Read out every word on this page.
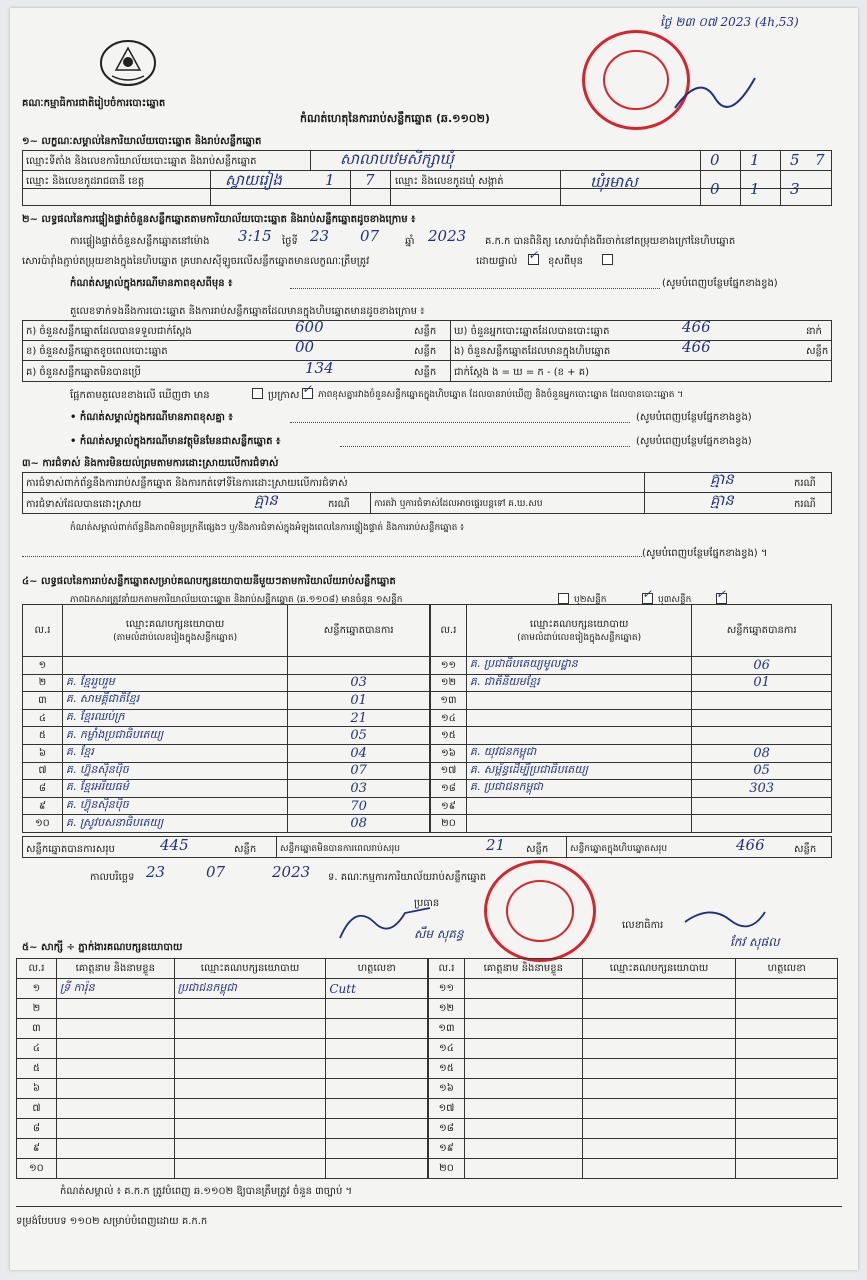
ថ្ងៃ ២៣ ០៧ 2023 (4h,53)
គណៈកម្មាធិការជាតិរៀបចំការបោះឆ្នោត
កំណត់ហេតុនៃការរាប់សន្លឹកឆ្នោត (ឆ.១១០២)
១~ លក្ខណៈសម្គាល់នៃការិយាល័យបោះឆ្នោត និងរាប់សន្លឹកឆ្នោត
ឈ្មោះទីតាំង និងលេខការិយាល័យបោះឆ្នោត និងរាប់សន្លឹកឆ្នោត	សាលាបឋមសិក្សាឃុំ	0 1 5 7
ឈ្មោះ និងលេខកូដរាជធានី ខេត្ត	ស្វាយរៀង	1 7 ឈ្មោះ និងលេខកូដឃុំ សង្កាត់	ឃុំរមាស	0 1 3
២~ លទ្ធផលនៃការផ្ទៀងផ្ទាត់ចំនួនសន្លឹកឆ្នោតតាមការិយាល័យបោះឆ្នោត និងរាប់សន្លឹកឆ្នោតដូចខាងក្រោម ៖
ការផ្ទៀងផ្ទាត់ចំនួនសន្លឹកឆ្នោតនៅម៉ោង 3:15 ថ្ងៃទី 23 07	ឆ្នាំ 2023 គ.ក.ក បានពិនិត្យ សោរប៉ារ៉ាំងពីរចាក់នៅតម្រុយខាងក្រៅនៃហិបឆ្នោត
សោរប៉ារ៉ាំងភ្ជាប់តម្រុយខាងក្នុងនៃហិបឆ្នោត គ្របរាសស៊ីឡូចរលើសន្លឹកឆ្នោតមានលក្ខណៈត្រឹមត្រូវ	ដោយផ្ទាល់ ✓ ខុសពីមុន
កំណត់សម្គាល់ក្នុងករណីមានភាពខុសពីមុន ៖	(សូមបំពេញបន្ថែមផ្នែកខាងខ្វង)
តួលេខទាក់ទងនឹងការបោះឆ្នោត និងការរាប់សន្លឹកឆ្នោតដែលមានក្នុងហិបឆ្នោតមានដូចខាងក្រោម ៖
ក) ចំនួនសន្លឹកឆ្នោតដែលបានទទួលជាក់ស្តែង	600	សន្លឹក ឃ) ចំនួនអ្នកបោះឆ្នោតដែលបានបោះឆ្នោត	466	នាក់
ខ) ចំនួនសន្លឹកឆ្នោតខូចពេលបោះឆ្នោត	00	សន្លឹក ង) ចំនួនសន្លឹកឆ្នោតដែលមានក្នុងហិបឆ្នោត	466	សន្លឹក
គ) ចំនួនសន្លឹកឆ្នោតមិនបានប្រើ	134	សន្លឹក ជាក់ស្តែង ង = ឃ = ក - (ខ + គ)
ផ្អែកតាមតួលេខខាងលើ ឃើញថា មាន	ប្រក្រាស ✓ ភាពខុសគ្នារវាងចំនួនសន្លឹកឆ្នោតក្នុងហិបឆ្នោត ដែលបានរាប់ឃើញ និងចំនួនអ្នកបោះឆ្នោត ដែលបានបោះឆ្នោត ។
• កំណត់សម្គាល់ក្នុងករណីមានភាពខុសគ្នា ៖	(សូមបំពេញបន្ថែមផ្នែកខាងខ្វង)
• កំណត់សម្គាល់ក្នុងករណីមានវត្ថុមិនមែនជាសន្លឹកឆ្នោត ៖	(សូមបំពេញបន្ថែមផ្នែកខាងខ្វង)
៣~ ការជំទាស់ និងការមិនយល់ព្រមតាមការដោះស្រាយលើការជំទាស់
ការជំទាស់ពាក់ព័ន្ធនឹងការរាប់សន្លឹកឆ្នោត និងការកត់ទៅទីនៃការដោះស្រាយលើការជំទាស់	គ្មាន	ករណី
ការជំទាស់ដែលបានដោះស្រាយ	គ្មាន	ករណី	ការតវ៉ា ឬការជំទាស់ដែលអាចផ្ទេរបន្តទៅ គ.ឃ.សប	គ្មាន	ករណី
កំណត់សម្គាល់ពាក់ព័ន្ធនឹងភាពមិនប្រក្រតីផ្សេងៗ ឬ/និងការជំទាស់ក្នុងអំឡុងពេលនៃការផ្ទៀងផ្ទាត់ និងការរាប់សន្លឹកឆ្នោត ៖
(សូមបំពេញបន្ថែមផ្នែកខាងខ្វង) ។
៤~ លទ្ធផលនៃការរាប់សន្លឹកឆ្នោតសម្រាប់គណបក្សនយោបាយនីមួយៗតាមការិយាល័យរាប់សន្លឹកឆ្នោត
ភាពឯកសារត្រូវនាំយកតាមការិយាល័យបោះឆ្នោត និងរាប់សន្លឹកឆ្នោត (ឆ.១១០៨) មានចំនួន ១សន្លឹក	ឬ២សន្លឹក	✓ ឬ៣សន្លឹក ✓
ល.រ	ឈ្មោះគណបក្សនយោបាយ
(តាមលំដាប់លេខរៀងក្នុងសន្លឹកឆ្នោត)	សន្លឹកឆ្នោតបានការ
១		
២	គ. ខ្មែររួបរួម	03
៣	គ. សាមគ្គីជាតិខ្មែរ	01
៤	គ. ខ្មែរឈប់ក្រ	21
៥	គ. កម្លាំងប្រជាធិបតេយ្យ	05
៦	គ. ខ្មែរ	04
៧	គ. ហ្វ៊ុនស៊ិនប៉ិច	07
៨	គ. ខ្មែរអរិយធម៌	03
៩	គ. ហ៊្វុនស៊ិនប៉ិច	70
១០	គ. ស្រូវបសនាធិបតេយ្យ	08
ល.រ	ឈ្មោះគណបក្សនយោបាយ
(តាមលំដាប់លេខរៀងក្នុងសន្លឹកឆ្នោត)	សន្លឹកឆ្នោតបានការ
១១	គ. ប្រជាធិបតេយ្យមូលដ្ឋាន	06
១២	គ. ជាតិនិយមខ្មែរ	01
១៣		
១៤		
១៥		
១៦	គ. យុវជនកម្ពុជា	08
១៧	គ. សម្ព័ន្ធដើម្បីប្រជាធិបតេយ្យ	05
១៨	គ. ប្រជាជនកម្ពុជា	303
១៩		
២០		
សន្លឹកឆ្នោតបានការសរុប	445	សន្លឹក	សន្លឹកឆ្នោតមិនបានការពេលរាប់សរុប	21 សន្លឹក សន្លឹកឆ្នោតក្នុងហិបឆ្នោតសរុប	466	សន្លឹក
កាលបរិច្ឆេទ 23	07	2023 ទ. គណៈកម្មការការិយាល័យរាប់សន្លឹកឆ្នោត
ប្រធាន
សឹម សុគន្ធ
លេខាធិការ
កែវ សុផល
៥~ សាក្សី ÷ ភ្នាក់ងារគណបក្សនយោបាយ
ល.រ	គោត្តនាម និងនាមខ្លួន	ឈ្មោះគណបក្សនយោបាយ	ហត្ថលេខា
១	ទ្រី ការ៉ុន	ប្រជាជនកម្ពុជា	Cutt
២			
៣			
៤			
៥			
៦			
៧			
៨			
៩			
១០			
ល.រ	គោត្តនាម និងនាមខ្លួន	ឈ្មោះគណបក្សនយោបាយ	ហត្ថលេខា
១១			
១២			
១៣			
១៤			
១៥			
១៦			
១៧			
១៨			
១៩			
២០			
កំណត់សម្គាល់ ៖ គ.ក.ក ត្រូវបំពេញ ឆ.១១០២ ឱ្យបានត្រឹមត្រូវ ចំនួន ៣ច្បាប់ ។
ទម្រង់បែបបទ ១១០២ សម្រាប់បំពេញដោយ គ.ក.ក
